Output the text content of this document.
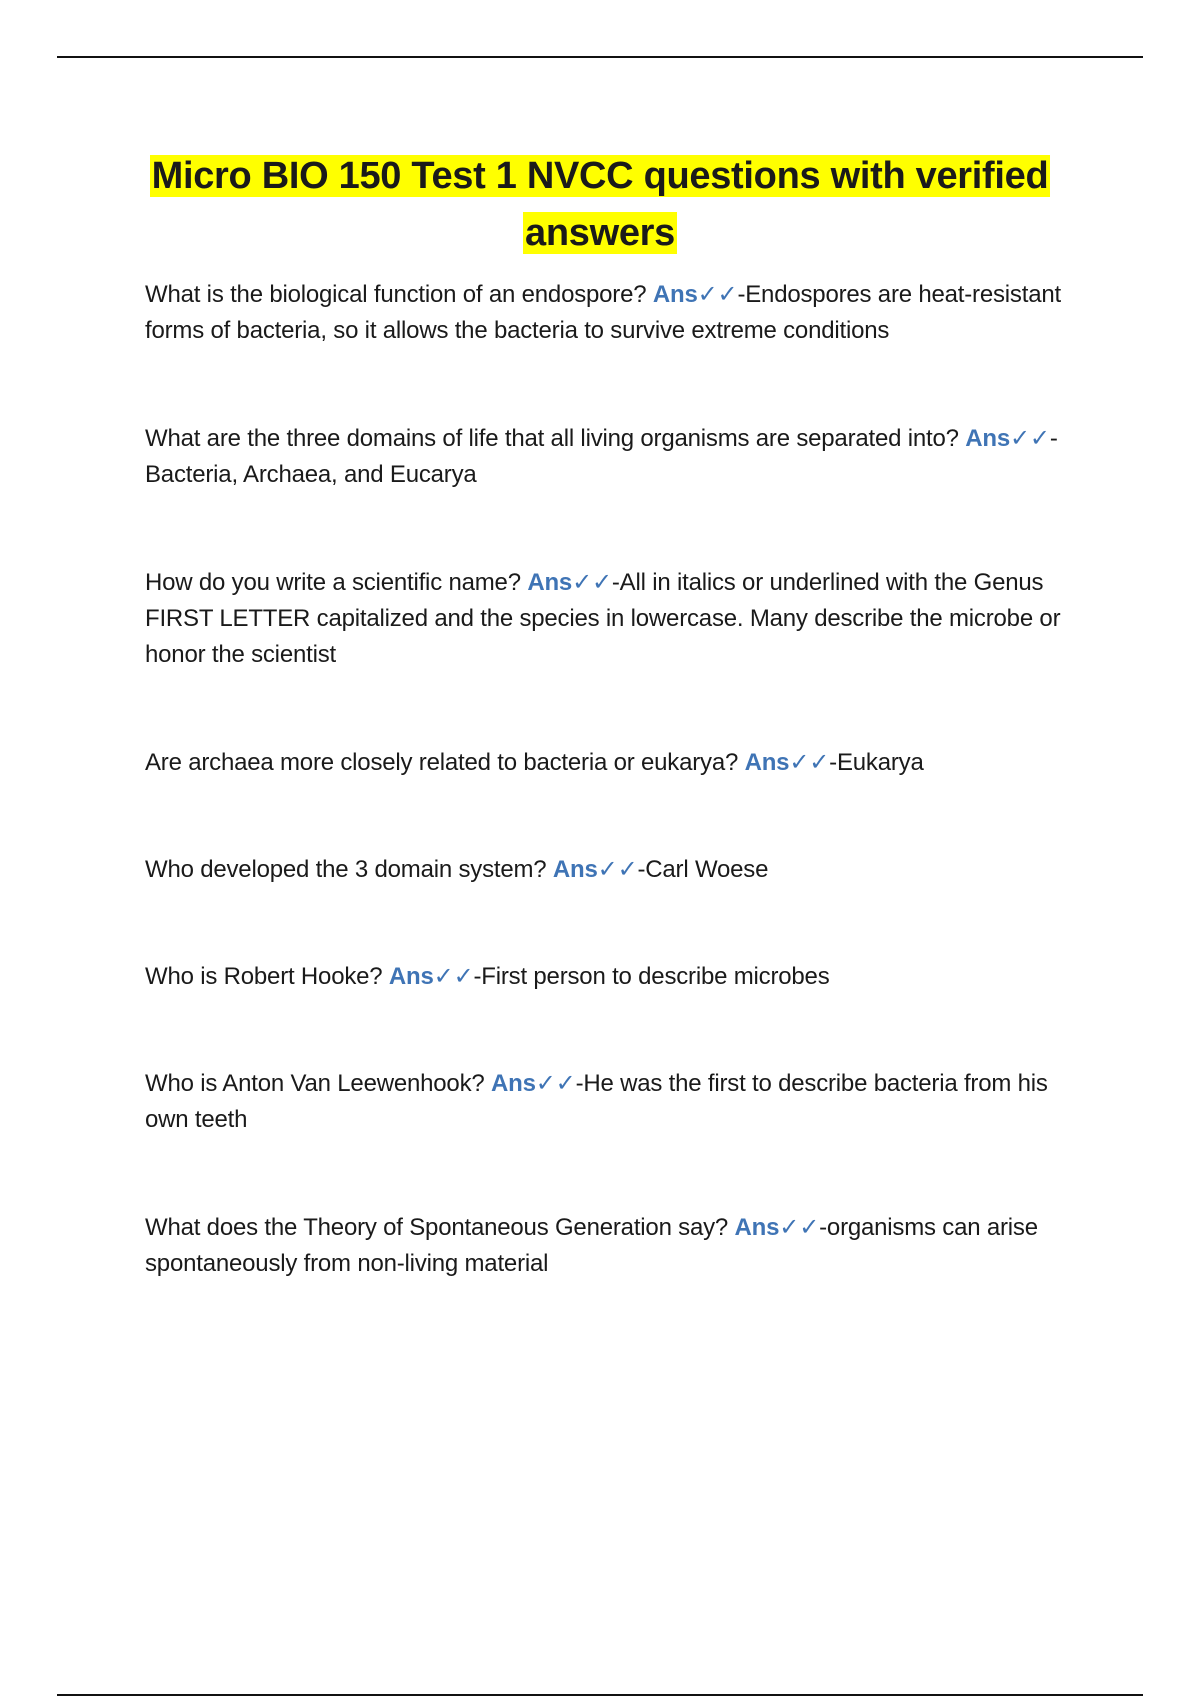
Micro BIO 150 Test 1 NVCC questions with verified
answers

What is the biological function of an endospore? Ans✓✓-Endospores are heat-resistant forms of bacteria, so it allows the bacteria to survive extreme conditions

What are the three domains of life that all living organisms are separated into? Ans✓✓-Bacteria, Archaea, and Eucarya

How do you write a scientific name? Ans✓✓-All in italics or underlined with the Genus FIRST LETTER capitalized and the species in lowercase. Many describe the microbe or honor the scientist

Are archaea more closely related to bacteria or eukarya? Ans✓✓-Eukarya

Who developed the 3 domain system? Ans✓✓-Carl Woese

Who is Robert Hooke? Ans✓✓-First person to describe microbes

Who is Anton Van Leewenhook? Ans✓✓-He was the first to describe bacteria from his own teeth

What does the Theory of Spontaneous Generation say? Ans✓✓-organisms can arise spontaneously from non-living material
